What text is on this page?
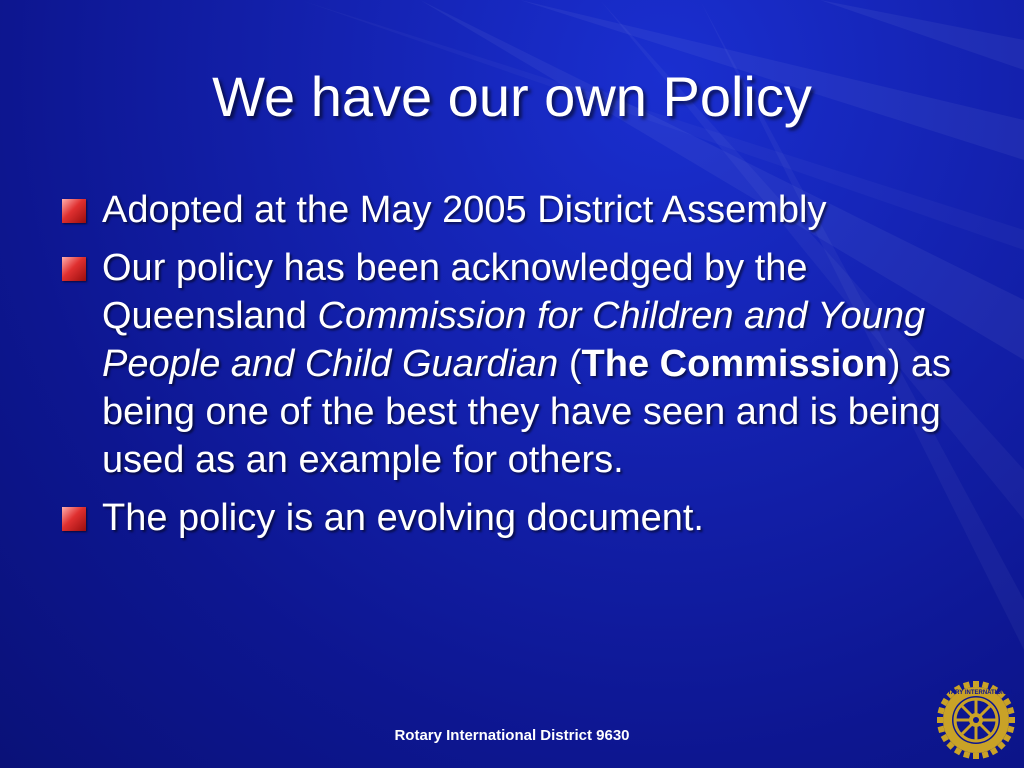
We have our own Policy
Adopted at the May 2005 District Assembly
Our policy has been acknowledged by the Queensland Commission for Children and Young People and Child Guardian (The Commission) as being one of the best they have seen and is being used as an example for others.
The policy is an evolving document.
Rotary International District 9630
ROTARY INTERNATIONAL
